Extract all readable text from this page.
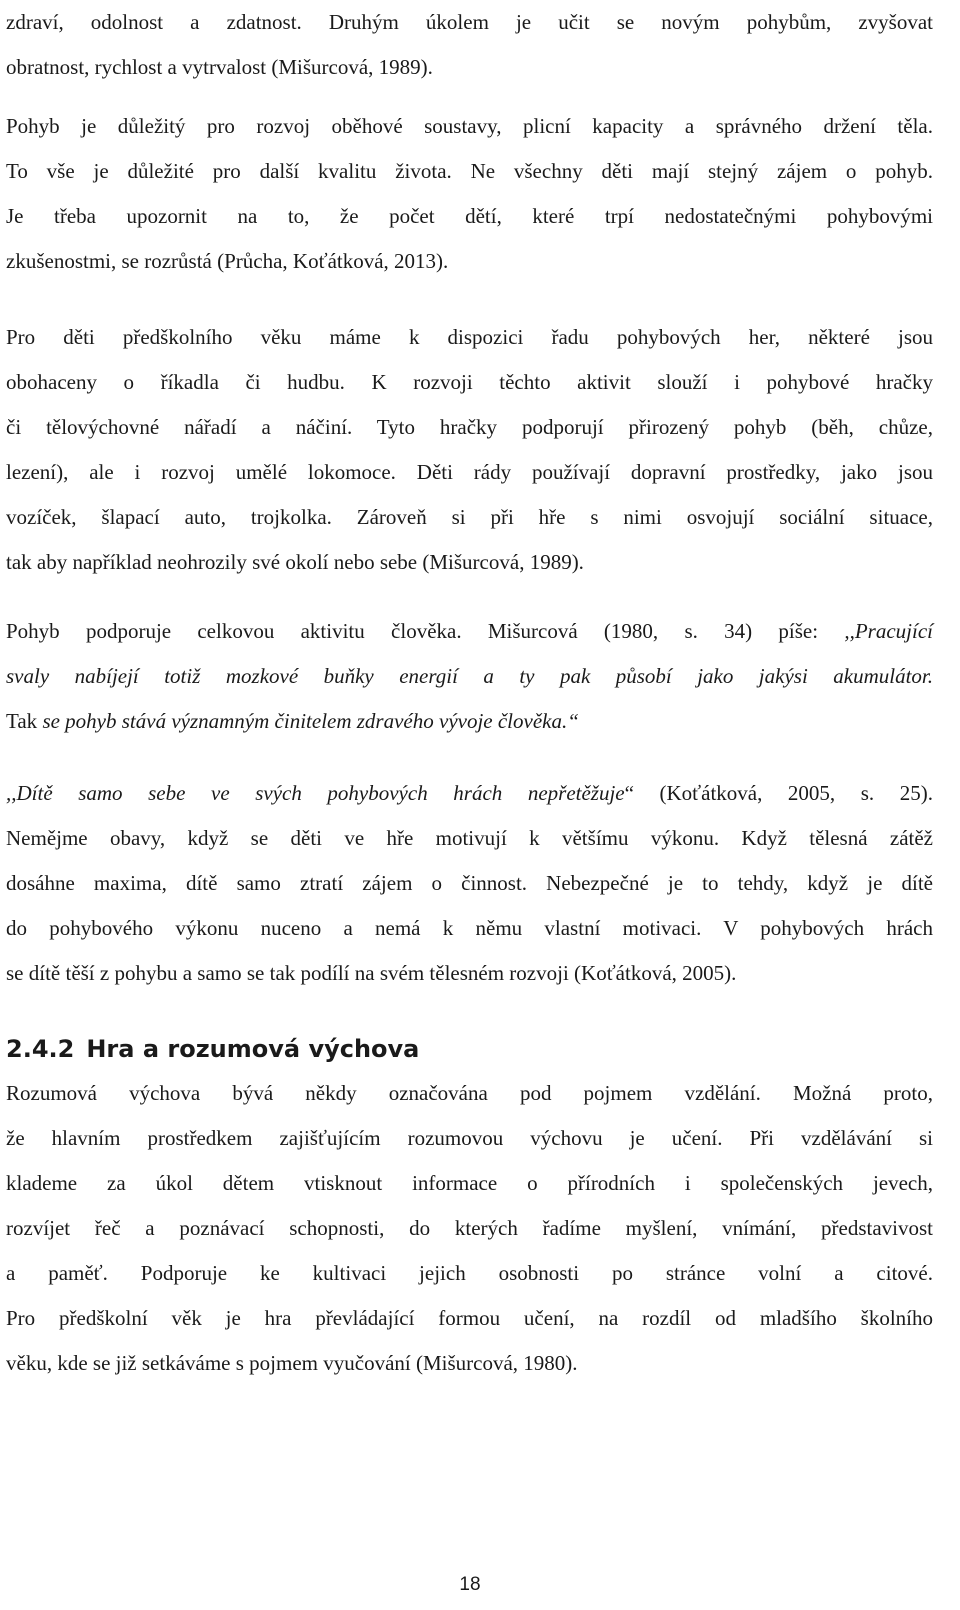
zdraví, odolnost a zdatnost. Druhým úkolem je učit se novým pohybům, zvyšovat
obratnost, rychlost a vytrvalost (Mišurcová, 1989).
Pohyb je důležitý pro rozvoj oběhové soustavy, plicní kapacity a správného držení těla.
To vše je důležité pro další kvalitu života. Ne všechny děti mají stejný zájem o pohyb.
Je třeba upozornit na to, že počet dětí, které trpí nedostatečnými pohybovými
zkušenostmi, se rozrůstá (Průcha, Koťátková, 2013).
Pro děti předškolního věku máme k dispozici řadu pohybových her, některé jsou
obohaceny o říkadla či hudbu. K rozvoji těchto aktivit slouží i pohybové hračky
či tělovýchovné nářadí a náčiní. Tyto hračky podporují přirozený pohyb (běh, chůze,
lezení), ale i rozvoj umělé lokomoce. Děti rády používají dopravní prostředky, jako jsou
vozíček, šlapací auto, trojkolka. Zároveň si při hře s nimi osvojují sociální situace,
tak aby například neohrozily své okolí nebo sebe (Mišurcová, 1989).
Pohyb podporuje celkovou aktivitu člověka. Mišurcová (1980, s. 34) píše: ,,Pracující
svaly nabíjejí totiž mozkové buňky energií a ty pak působí jako jakýsi akumulátor.
Tak se pohyb stává významným činitelem zdravého vývoje člověka.“
,,Dítě samo sebe ve svých pohybových hrách nepřetěžuje“ (Koťátková, 2005, s. 25).
Nemějme obavy, když se děti ve hře motivují k většímu výkonu. Když tělesná zátěž
dosáhne maxima, dítě samo ztratí zájem o činnost. Nebezpečné je to tehdy, když je dítě
do pohybového výkonu nuceno a nemá k němu vlastní motivaci. V pohybových hrách
se dítě těší z pohybu a samo se tak podílí na svém tělesném rozvoji (Koťátková, 2005).
2.4.2 Hra a rozumová výchova
Rozumová výchova bývá někdy označována pod pojmem vzdělání. Možná proto,
že hlavním prostředkem zajišťujícím rozumovou výchovu je učení. Při vzdělávání si
klademe za úkol dětem vtisknout informace o přírodních i společenských jevech,
rozvíjet řeč a poznávací schopnosti, do kterých řadíme myšlení, vnímání, představivost
a paměť. Podporuje ke kultivaci jejich osobnosti po stránce volní a citové.
Pro předškolní věk je hra převládající formou učení, na rozdíl od mladšího školního
věku, kde se již setkáváme s pojmem vyučování (Mišurcová, 1980).
18
